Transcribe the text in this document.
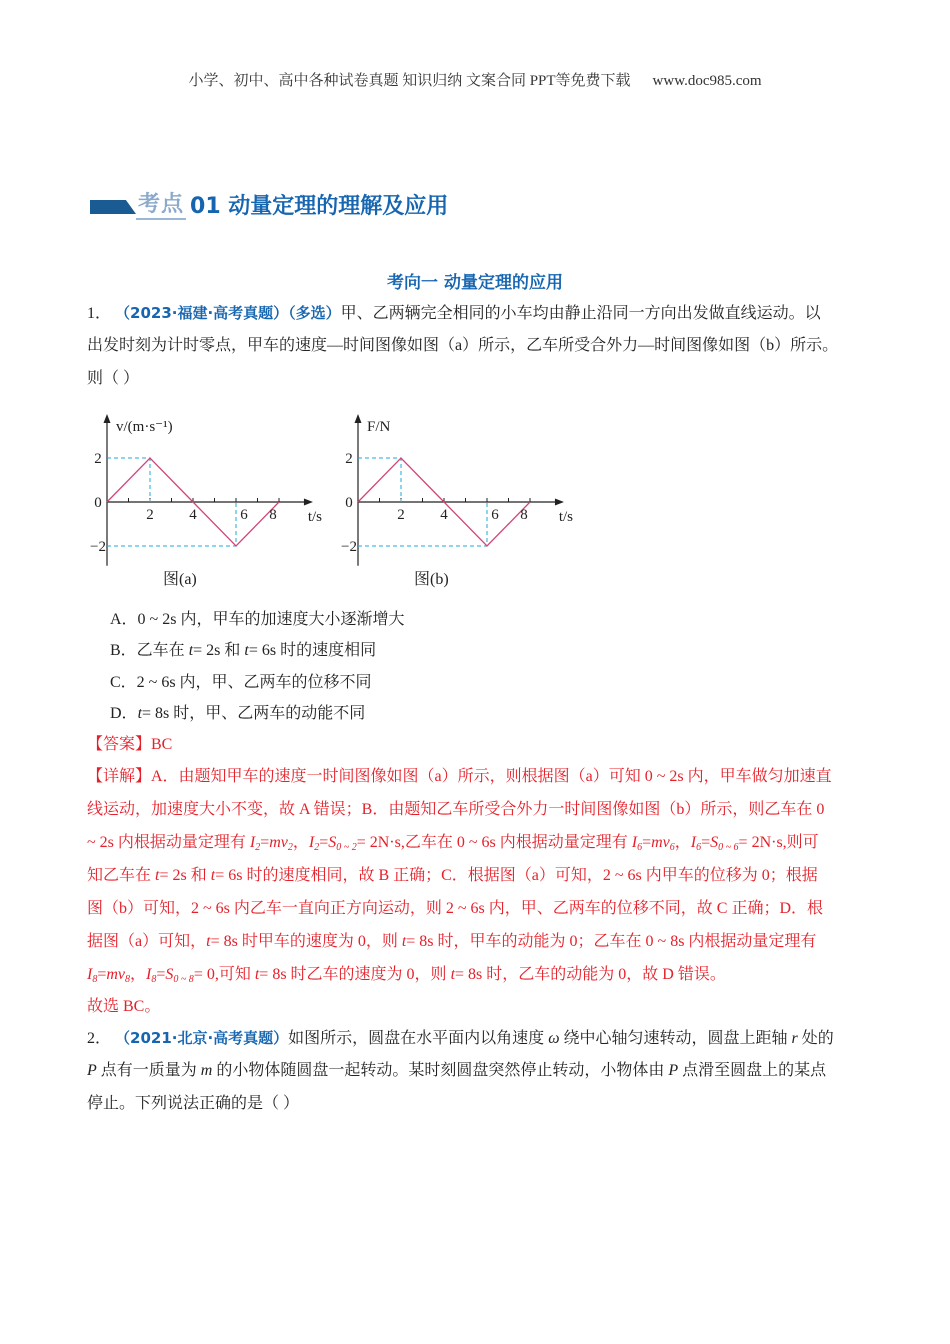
小学、初中、高中各种试卷真题 知识归纳 文案合同 PPT等免费下载 www.doc985.com
考点 01 动量定理的理解及应用
考向一 动量定理的应用
1． （2023·福建·高考真题）（多选）甲、乙两辆完全相同的小车均由静止沿同一方向出发做直线运动。以
出发时刻为计时零点，甲车的速度—时间图像如图（a）所示，乙车所受合外力—时间图像如图（b）所示。
则（ ）
A．0 ~ 2s 内，甲车的加速度大小逐渐增大
B．乙车在 t= 2s 和 t= 6s 时的速度相同
C．2 ~ 6s 内，甲、乙两车的位移不同
D．t= 8s 时，甲、乙两车的动能不同
【答案】BC
【详解】A．由题知甲车的速度一时间图像如图（a）所示，则根据图（a）可知 0 ~ 2s 内，甲车做匀加速直
线运动，加速度大小不变，故 A 错误；B．由题知乙车所受合外力一时间图像如图（b）所示，则乙车在 0
~ 2s 内根据动量定理有 $I_2=mv_2$，$I_2=S_{0 \sim 2}= 2N\cdot s$,乙车在 0 ~ 6s 内根据动量定理有 $I_6=mv_6$，$I_6=S_{0 \sim 6}= 2N\cdot s$,则可
知乙车在 t= 2s 和 t= 6s 时的速度相同，故 B 正确；C．根据图（a）可知，2 ~ 6s 内甲车的位移为 0；根据
图（b）可知，2 ~ 6s 内乙车一直向正方向运动，则 2 ~ 6s 内，甲、乙两车的位移不同，故 C 正确；D．根
据图（a）可知，t= 8s 时甲车的速度为 0，则 t= 8s 时，甲车的动能为 0；乙车在 0 ~ 8s 内根据动量定理有
$I_8=mv_8$，$I_8=S_{0 \sim 8}= 0$,可知 t= 8s 时乙车的速度为 0，则 t= 8s 时，乙车的动能为 0，故 D 错误。
故选 BC。
2． （2021·北京·高考真题）如图所示，圆盘在水平面内以角速度 ω 绕中心轴匀速转动，圆盘上距轴 r 处的
P 点有一质量为 m 的小物体随圆盘一起转动。某时刻圆盘突然停止转动，小物体由 P 点滑至圆盘上的某点
停止。下列说法正确的是（ ）
v/(m·s⁻¹)
t/s
2 4	6 8
2
0
−2
图(a)
F/N
t/s
2 4	6 8
2
0
−2
图(b)
